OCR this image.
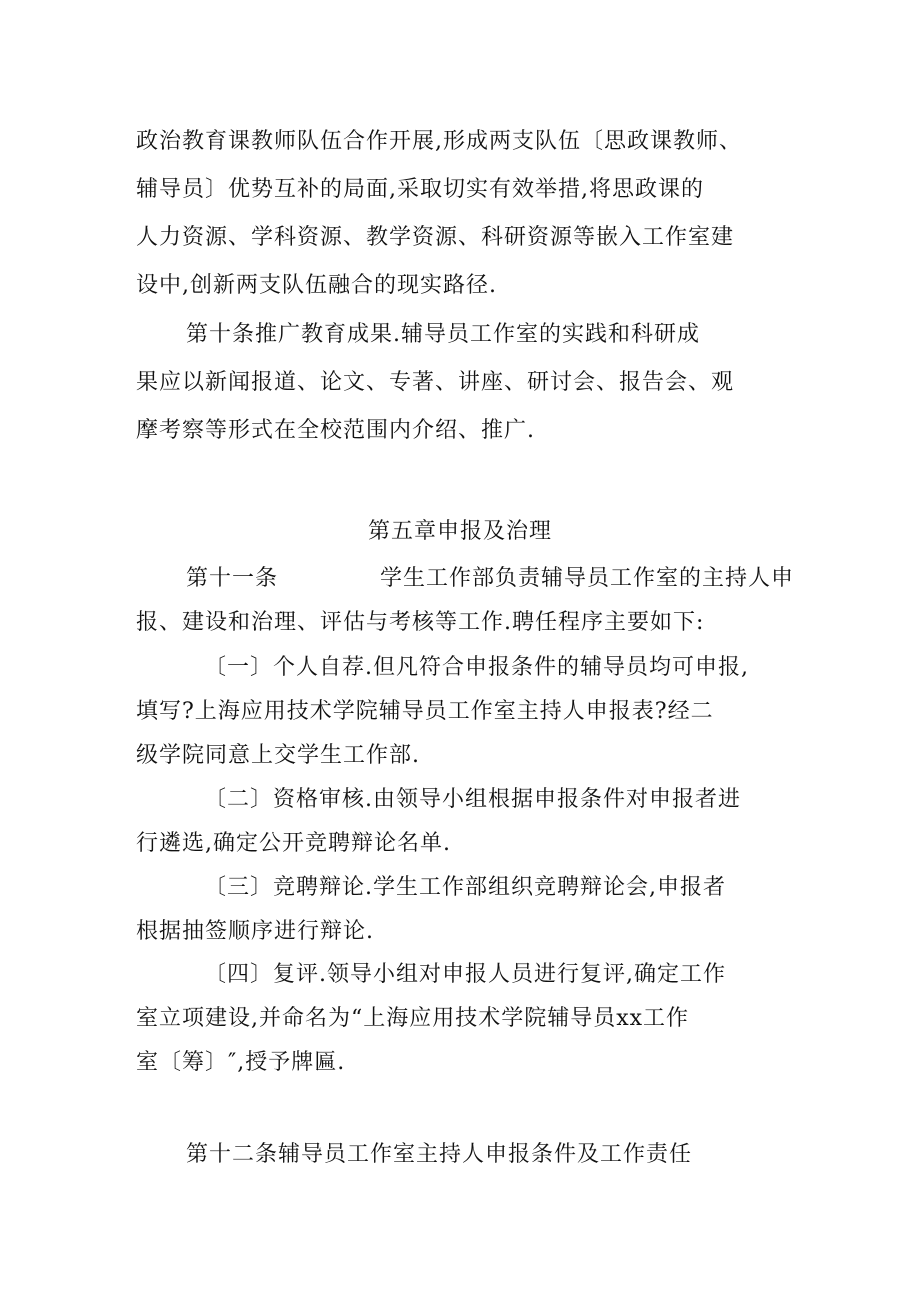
政治教育课教师队伍合作开展,形成两支队伍〔思政课教师、
辅导员〕优势互补的局面,采取切实有效举措,将思政课的
人力资源、学科资源、教学资源、科研资源等嵌入工作室建
设中,创新两支队伍融合的现实路径.
第十条推广教育成果.辅导员工作室的实践和科研成
果应以新闻报道、论文、专著、讲座、研讨会、报告会、观
摩考察等形式在全校范围内介绍、推广.
第五章申报及治理
第十一条	学生工作部负责辅导员工作室的主持人申
报、建设和治理、评估与考核等工作.聘任程序主要如下:
〔一〕个人自荐.但凡符合申报条件的辅导员均可申报,
填写?上海应用技术学院辅导员工作室主持人申报表?经二
级学院同意上交学生工作部.
〔二〕资格审核.由领导小组根据申报条件对申报者进
行遴选,确定公开竞聘辩论名单.
〔三〕竞聘辩论.学生工作部组织竞聘辩论会,申报者
根据抽签顺序进行辩论.
〔四〕复评.领导小组对申报人员进行复评,确定工作
室立项建设,并命名为“上海应用技术学院辅导员xx工作
室〔筹〕″,授予牌匾.
第十二条辅导员工作室主持人申报条件及工作责任
